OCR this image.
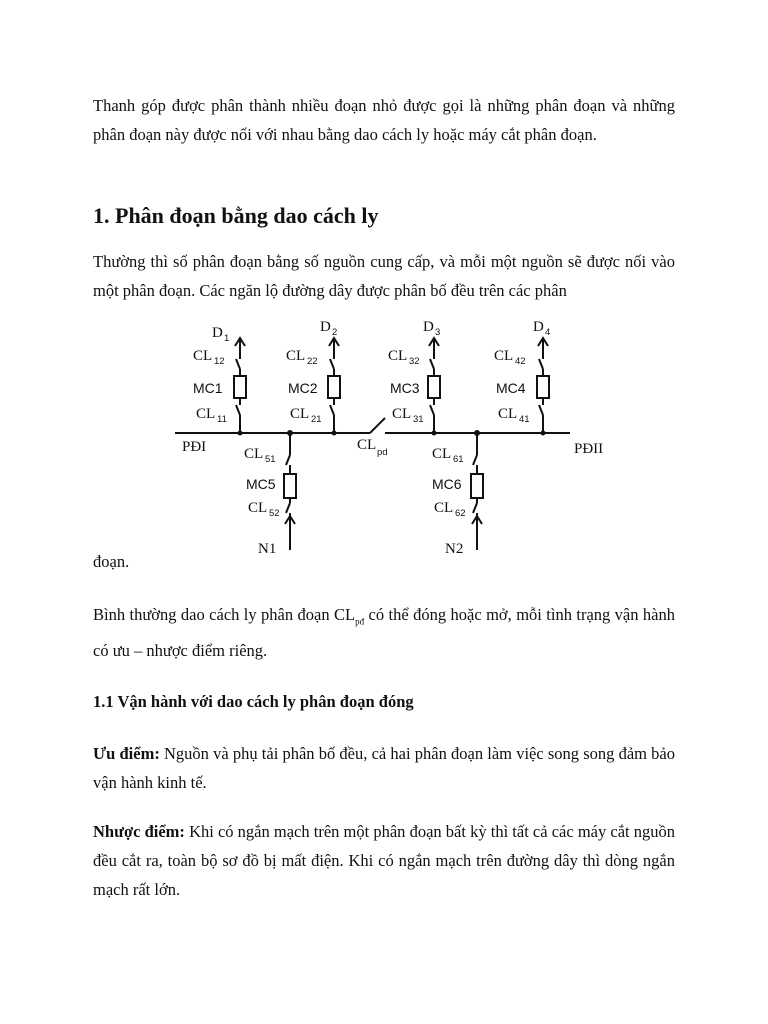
Thanh góp được phân thành nhiều đoạn nhỏ được gọi là những phân đoạn và những phân đoạn này được nối với nhau bằng dao cách ly hoặc máy cắt phân đoạn.

1. Phân đoạn bằng dao cách ly

Thường thì số phân đoạn bằng số nguồn cung cấp, và mỗi một nguồn sẽ được nối vào một phân đoạn. Các ngăn lộ đường dây được phân bố đều trên các phân

PĐI	PĐII
CL pd
D 1
CL 12
MC1
CL 11
D 2
CL 22
MC2
CL 21
D 3
CL 32
MC3
CL 31
D 4
CL 42
MC4
CL 41
CL 51
MC5
CL 52
N1
CL 61
MC6
CL 62
N2

đoạn.

Bình thường dao cách ly phân đoạn $CL_{pđ}$ có thể đóng hoặc mở, mỗi tình trạng vận hành có ưu – nhược điểm riêng.

1.1 Vận hành với dao cách ly phân đoạn đóng

Ưu điểm: Nguồn và phụ tải phân bố đều, cả hai phân đoạn làm việc song song đảm bảo vận hành kinh tế.

Nhược điểm: Khi có ngắn mạch trên một phân đoạn bất kỳ thì tất cả các máy cắt nguồn đều cắt ra, toàn bộ sơ đồ bị mất điện. Khi có ngắn mạch trên đường dây thì dòng ngắn mạch rất lớn.
